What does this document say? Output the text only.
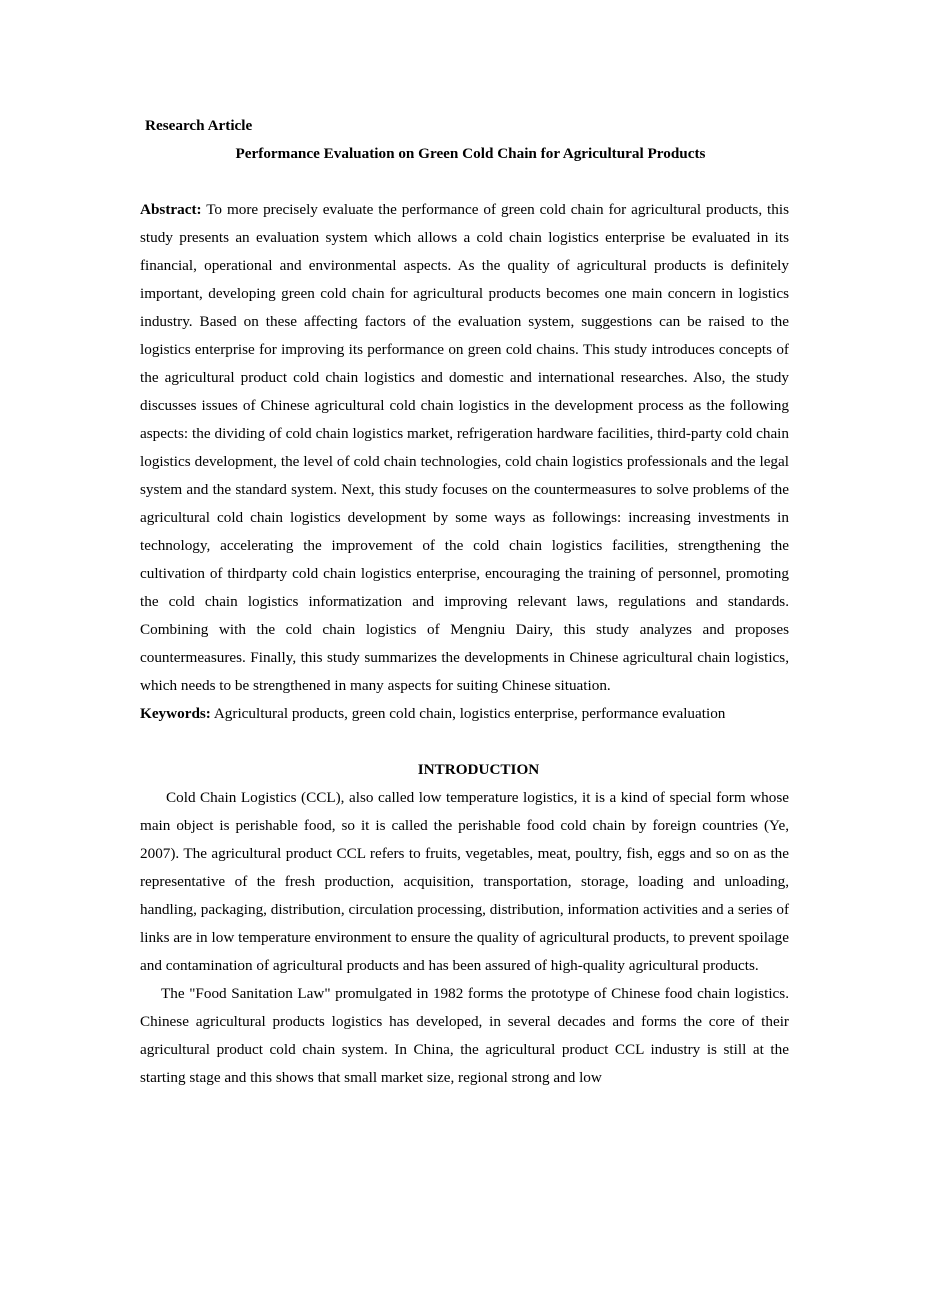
Research Article
Performance Evaluation on Green Cold Chain for Agricultural Products
Abstract: To more precisely evaluate the performance of green cold chain for agricultural products, this study presents an evaluation system which allows a cold chain logistics enterprise be evaluated in its financial, operational and environmental aspects. As the quality of agricultural products is definitely important, developing green cold chain for agricultural products becomes one main concern in logistics industry. Based on these affecting factors of the evaluation system, suggestions can be raised to the logistics enterprise for improving its performance on green cold chains. This study introduces concepts of the agricultural product cold chain logistics and domestic and international researches. Also, the study discusses issues of Chinese agricultural cold chain logistics in the development process as the following aspects: the dividing of cold chain logistics market, refrigeration hardware facilities, third-party cold chain logistics development, the level of cold chain technologies, cold chain logistics professionals and the legal system and the standard system. Next, this study focuses on the countermeasures to solve problems of the agricultural cold chain logistics development by some ways as followings: increasing investments in technology, accelerating the improvement of the cold chain logistics facilities, strengthening the cultivation of thirdparty cold chain logistics enterprise, encouraging the training of personnel, promoting the cold chain logistics informatization and improving relevant laws, regulations and standards. Combining with the cold chain logistics of Mengniu Dairy, this study analyzes and proposes countermeasures. Finally, this study summarizes the developments in Chinese agricultural chain logistics, which needs to be strengthened in many aspects for suiting Chinese situation.
Keywords: Agricultural products, green cold chain, logistics enterprise, performance evaluation
INTRODUCTION

Cold Chain Logistics (CCL), also called low temperature logistics, it is a kind of special form whose main object is perishable food, so it is called the perishable food cold chain by foreign countries (Ye, 2007). The agricultural product CCL refers to fruits, vegetables, meat, poultry, fish, eggs and so on as the representative of the fresh production, acquisition, transportation, storage, loading and unloading, handling, packaging, distribution, circulation processing, distribution, information activities and a series of links are in low temperature environment to ensure the quality of agricultural products, to prevent spoilage and contamination of agricultural products and has been assured of high-quality agricultural products.

The "Food Sanitation Law" promulgated in 1982 forms the prototype of Chinese food chain logistics. Chinese agricultural products logistics has developed, in several decades and forms the core of their agricultural product cold chain system. In China, the agricultural product CCL industry is still at the starting stage and this shows that small market size, regional strong and low
